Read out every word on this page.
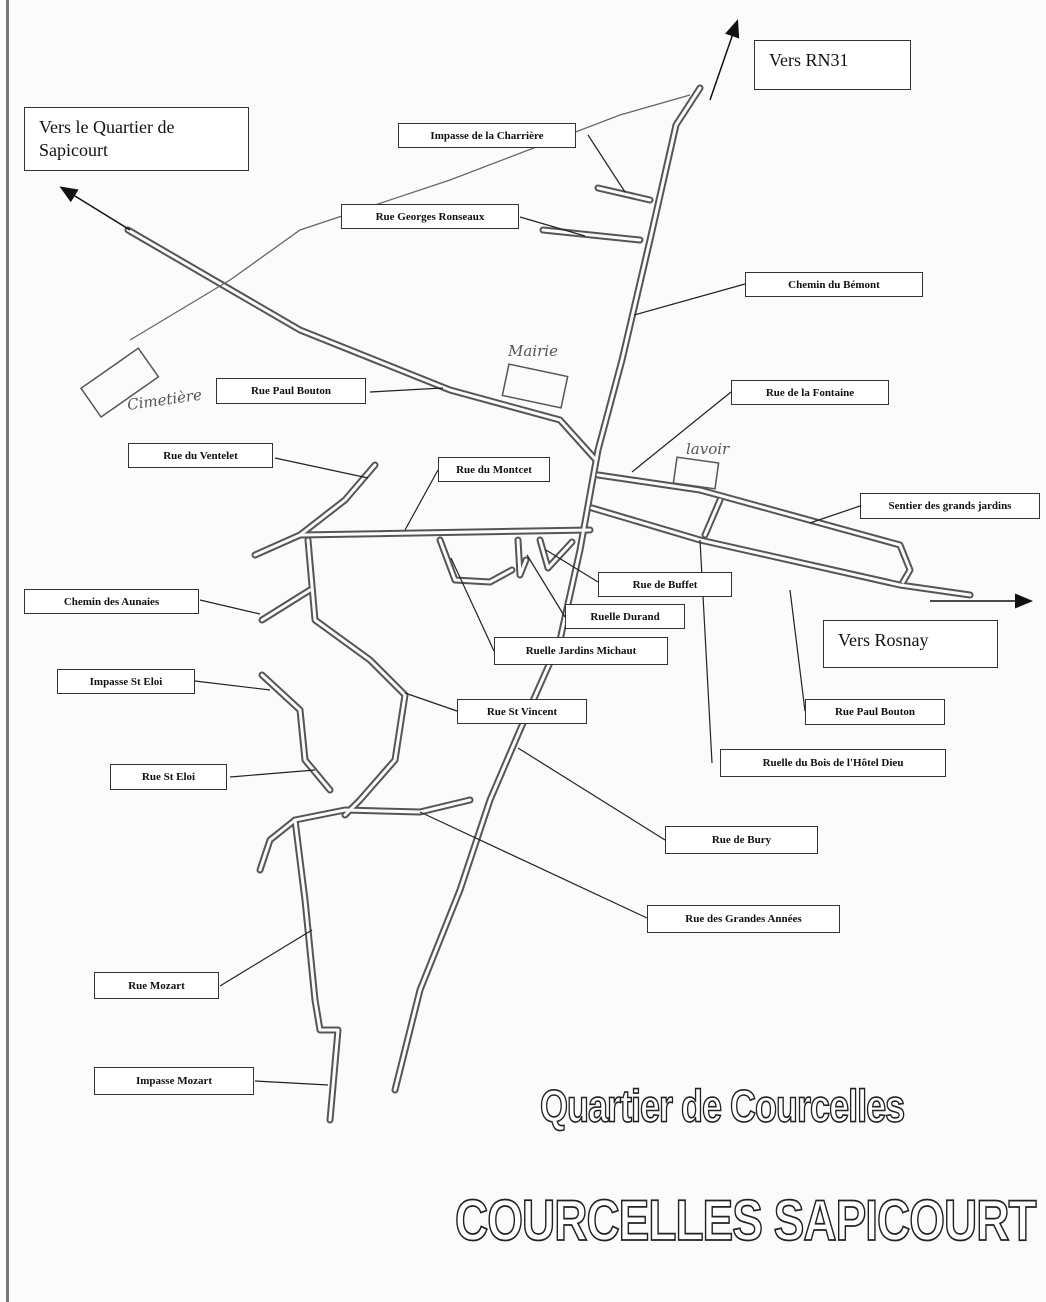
Mairie
lavoir
Cimetière
Vers RN31
Vers le Quartier de Sapicourt
Vers Rosnay
Impasse de la Charrière
Rue Georges Ronseaux
Chemin du Bémont
Rue de la Fontaine
Rue Paul Bouton
Rue du Ventelet
Rue du Montcet
Sentier des grands jardins
Rue de Buffet
Ruelle Durand
Chemin des Aunaies
Ruelle Jardins Michaut
Impasse St Eloi
Rue St Vincent	Rue Paul Bouton
Ruelle du Bois de l'Hôtel Dieu
Rue St Eloi
Rue de Bury
Rue des Grandes Années
Rue Mozart
Impasse Mozart	Quartier de Courcelles
COURCELLES SAPICOURT
